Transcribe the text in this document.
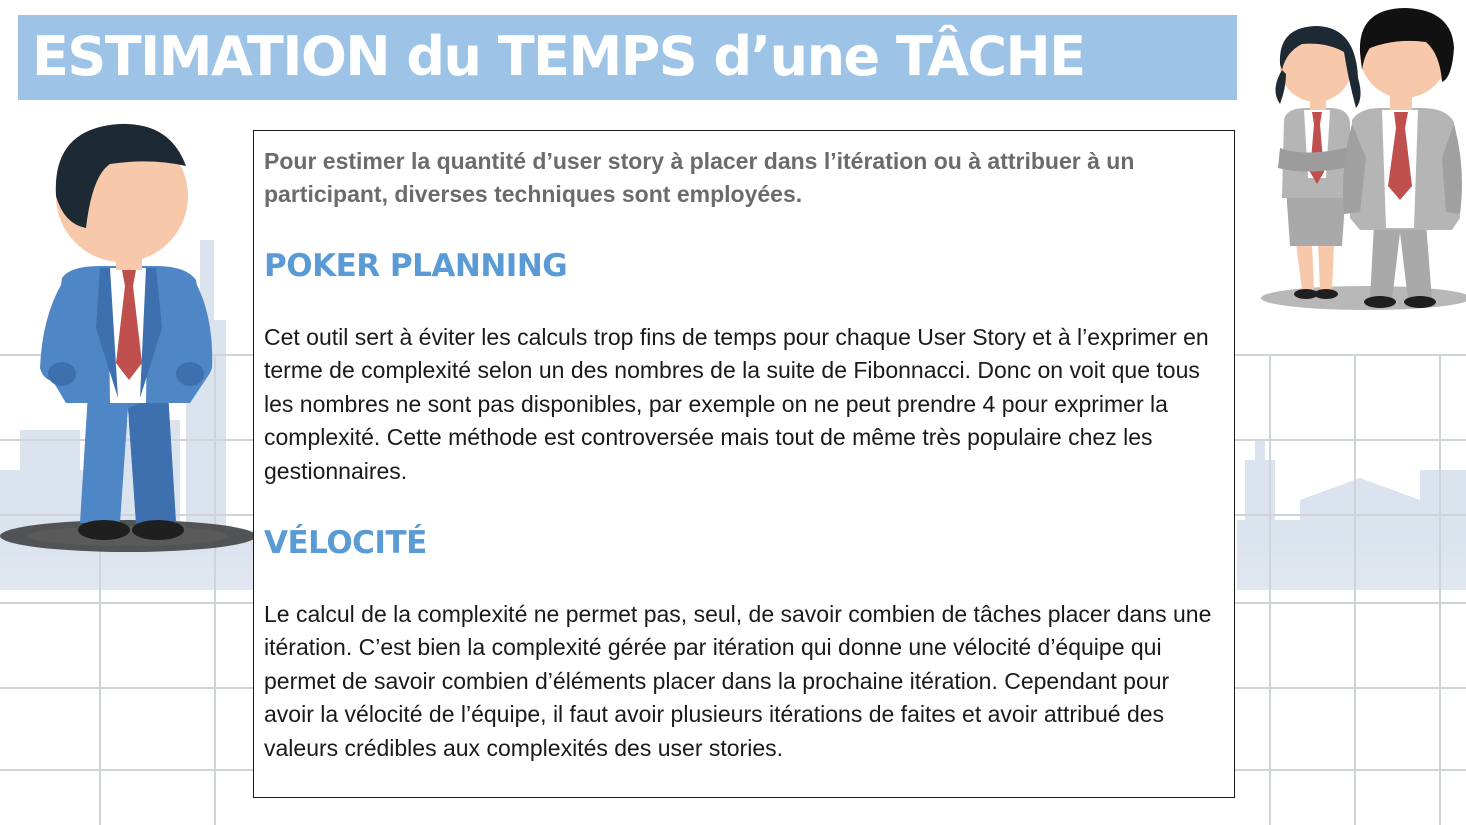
ESTIMATION du TEMPS d’une TÂCHE

Pour estimer la quantité d’user story à placer dans l’itération ou à attribuer à un participant, diverses techniques sont employées.

POKER PLANNING

Cet outil sert à éviter les calculs trop fins de temps pour chaque User Story et à l’exprimer en terme de complexité selon un des nombres de la suite de Fibonnacci. Donc on voit que tous les nombres ne sont pas disponibles, par exemple on ne peut prendre 4 pour exprimer la complexité. Cette méthode est controversée mais tout de même très populaire chez les gestionnaires.

VÉLOCITÉ

Le calcul de la complexité ne permet pas, seul, de savoir combien de tâches placer dans une itération. C’est bien la complexité gérée par itération qui donne une vélocité d’équipe qui permet de savoir combien d’éléments placer dans la prochaine itération. Cependant pour avoir la vélocité de l’équipe, il faut avoir plusieurs itérations de faites et avoir attribué des valeurs crédibles aux complexités des user stories.
